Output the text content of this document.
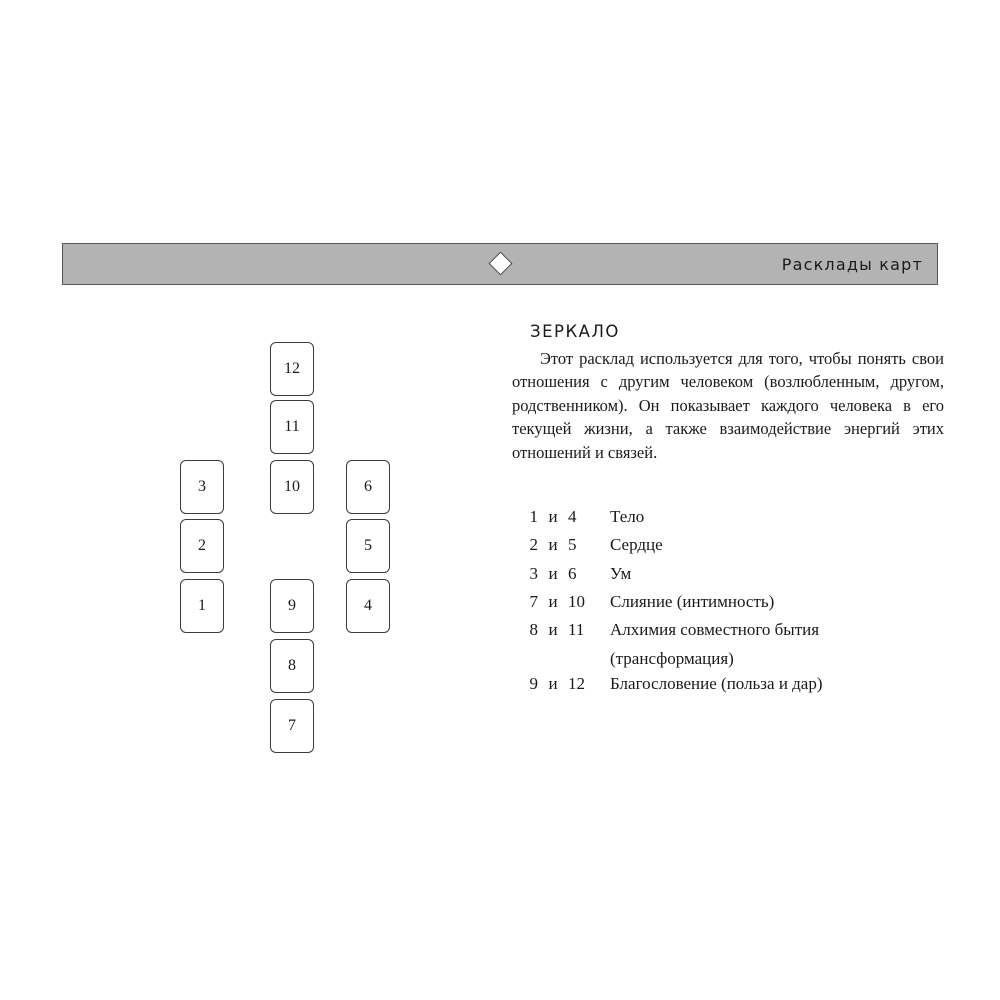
Расклады карт
12
11
10
3	6
2	5
1	9	4
8
7
ЗЕРКАЛО

Этот расклад используется для того, чтобы понять свои отношения с другим человеком (возлюбленным, другом, родственником). Он показывает каждого человека в его текущей жизни, а также взаимодействие энергий этих отношений и связей.

1 и 4	Тело
2 и 5	Сердце
3 и 6	Ум
7 и 10	Слияние (интимность)
8 и 11	Алхимия совместного бытия
(трансформация)
9 и 12	Благословение (польза и дар)
